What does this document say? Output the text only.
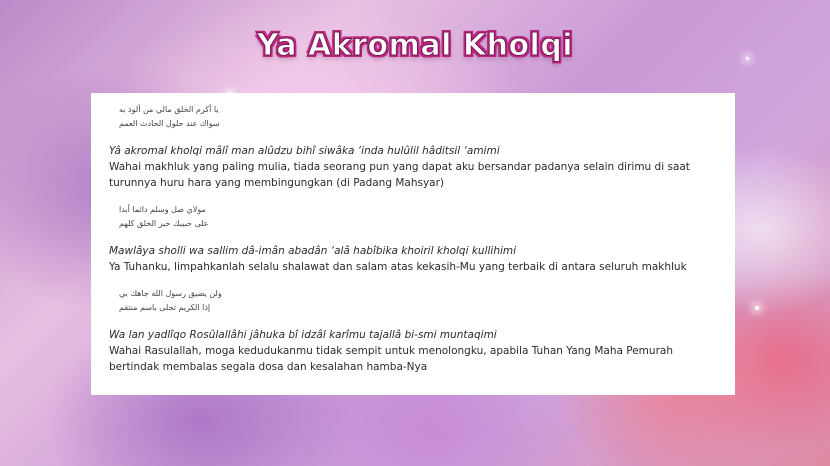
Ya Akromal Kholqi
يا أكرم الخلق مالي من ألوذ به
سواك عند حلول الحادث العمم
Yâ akromal kholqi mâlî man alûdzu bihî siwâka ‘inda hulûlil hâditsil ‘amimi
Wahai makhluk yang paling mulia, tiada seorang pun yang dapat aku bersandar padanya selain dirimu di saat turunnya huru hara yang membingungkan (di Padang Mahsyar)
مولاي صل وسلم دائما أبدا
على حبيبك خير الخلق كلهم
Mawlâya sholli wa sallim dâ-imân abadân ‘alâ habîbika khoiril kholqi kullihimi
Ya Tuhanku, limpahkanlah selalu shalawat dan salam atas kekasih-Mu yang terbaik di antara seluruh makhluk
ولن يضيق رسول الله جاهك بي
إذا الكريم تجلى باسم منتقم
Wa lan yadlîqo Rosûlallâhi jâhuka bî idzâl karîmu tajallâ bi-smi muntaqimi
Wahai Rasulallah, moga kedudukanmu tidak sempit untuk menolongku, apabila Tuhan Yang Maha Pemurah bertindak membalas segala dosa dan kesalahan hamba-Nya
